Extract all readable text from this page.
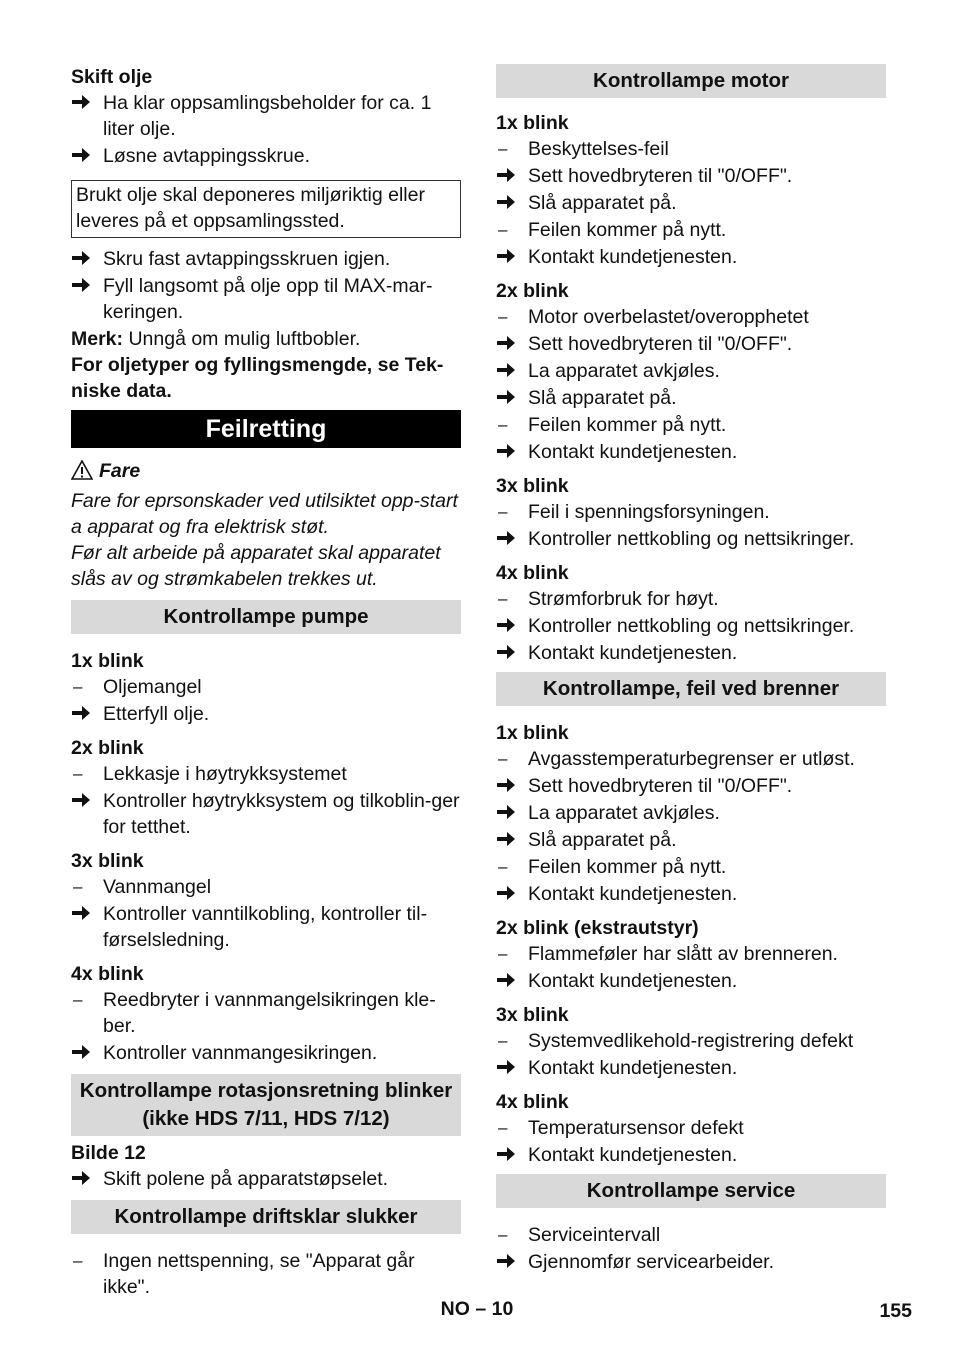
Skift olje

Ha klar oppsamlingsbeholder for ca. 1 liter olje.
Løsne avtappingsskrue.
Brukt olje skal deponeres miljøriktig eller leveres på et oppsamlingssted.
Skru fast avtappingsskruen igjen.
Fyll langsomt på olje opp til MAX-mar-keringen.

Merk: Unngå om mulig luftbobler.

For oljetyper og fyllingsmengde, se Tek-niske data.

Feilretting

Fare

Fare for eprsonskader ved utilsiktet opp-start a apparat og fra elektrisk støt.

Før alt arbeide på apparatet skal apparatet slås av og strømkabelen trekkes ut.

Kontrollampe pumpe

1x blink

–	Oljemangel
Etterfyll olje.

2x blink

–	Lekkasje i høytrykksystemet
Kontroller høytrykksystem og tilkoblin-ger for tetthet.

3x blink

–	Vannmangel
Kontroller vanntilkobling, kontroller til-førselsledning.

4x blink

–	Reedbryter i vannmangelsikringen kle-ber.
Kontroller vannmangesikringen.
Kontrollampe rotasjonsretning blinker (ikke HDS 7/11, HDS 7/12)

Bilde 12

Skift polene på apparatstøpselet.
Kontrollampe driftsklar slukker
–	Ingen nettspenning, se "Apparat går ikke".
Kontrollampe motor

1x blink

–	Beskyttelses-feil
Sett hovedbryteren til "0/OFF".
Slå apparatet på.
–	Feilen kommer på nytt.
Kontakt kundetjenesten.

2x blink

–	Motor overbelastet/overopphetet
Sett hovedbryteren til "0/OFF".
La apparatet avkjøles.
Slå apparatet på.
–	Feilen kommer på nytt.
Kontakt kundetjenesten.

3x blink

–	Feil i spenningsforsyningen.
Kontroller nettkobling og nettsikringer.

4x blink

–	Strømforbruk for høyt.
Kontroller nettkobling og nettsikringer.
Kontakt kundetjenesten.
Kontrollampe, feil ved brenner

1x blink

–	Avgasstemperaturbegrenser er utløst.
Sett hovedbryteren til "0/OFF".
La apparatet avkjøles.
Slå apparatet på.
–	Feilen kommer på nytt.
Kontakt kundetjenesten.

2x blink (ekstrautstyr)

–	Flammeføler har slått av brenneren.
Kontakt kundetjenesten.

3x blink

–	Systemvedlikehold-registrering defekt
Kontakt kundetjenesten.

4x blink

–	Temperatursensor defekt
Kontakt kundetjenesten.
Kontrollampe service
–	Serviceintervall
Gjennomfør servicearbeider.
NO – 10	155
